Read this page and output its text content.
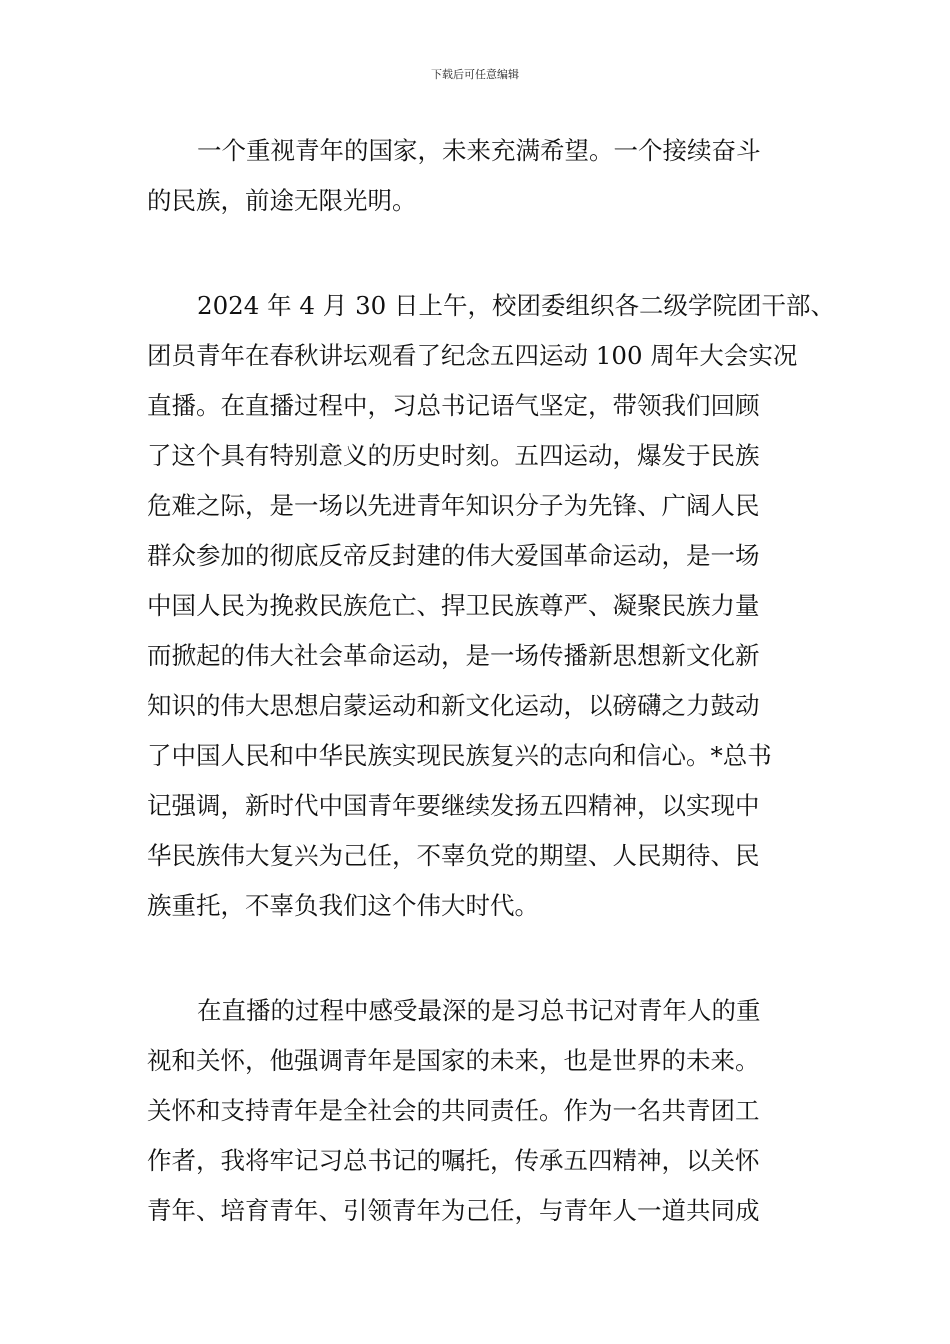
下载后可任意编辑
一个重视青年的国家，未来充满希望。一个接续奋斗
的民族，前途无限光明。
2024 年 4 月 30 日上午，校团委组织各二级学院团干部、
团员青年在春秋讲坛观看了纪念五四运动 100 周年大会实况
直播。在直播过程中，习总书记语气坚定，带领我们回顾
了这个具有特别意义的历史时刻。五四运动，爆发于民族
危难之际，是一场以先进青年知识分子为先锋、广阔人民
群众参加的彻底反帝反封建的伟大爱国革命运动，是一场
中国人民为挽救民族危亡、捍卫民族尊严、凝聚民族力量
而掀起的伟大社会革命运动，是一场传播新思想新文化新
知识的伟大思想启蒙运动和新文化运动，以磅礴之力鼓动
了中国人民和中华民族实现民族复兴的志向和信心。*总书
记强调，新时代中国青年要继续发扬五四精神，以实现中
华民族伟大复兴为己任，不辜负党的期望、人民期待、民
族重托，不辜负我们这个伟大时代。
在直播的过程中感受最深的是习总书记对青年人的重
视和关怀，他强调青年是国家的未来，也是世界的未来。
关怀和支持青年是全社会的共同责任。作为一名共青团工
作者，我将牢记习总书记的嘱托，传承五四精神，以关怀
青年、培育青年、引领青年为己任，与青年人一道共同成
